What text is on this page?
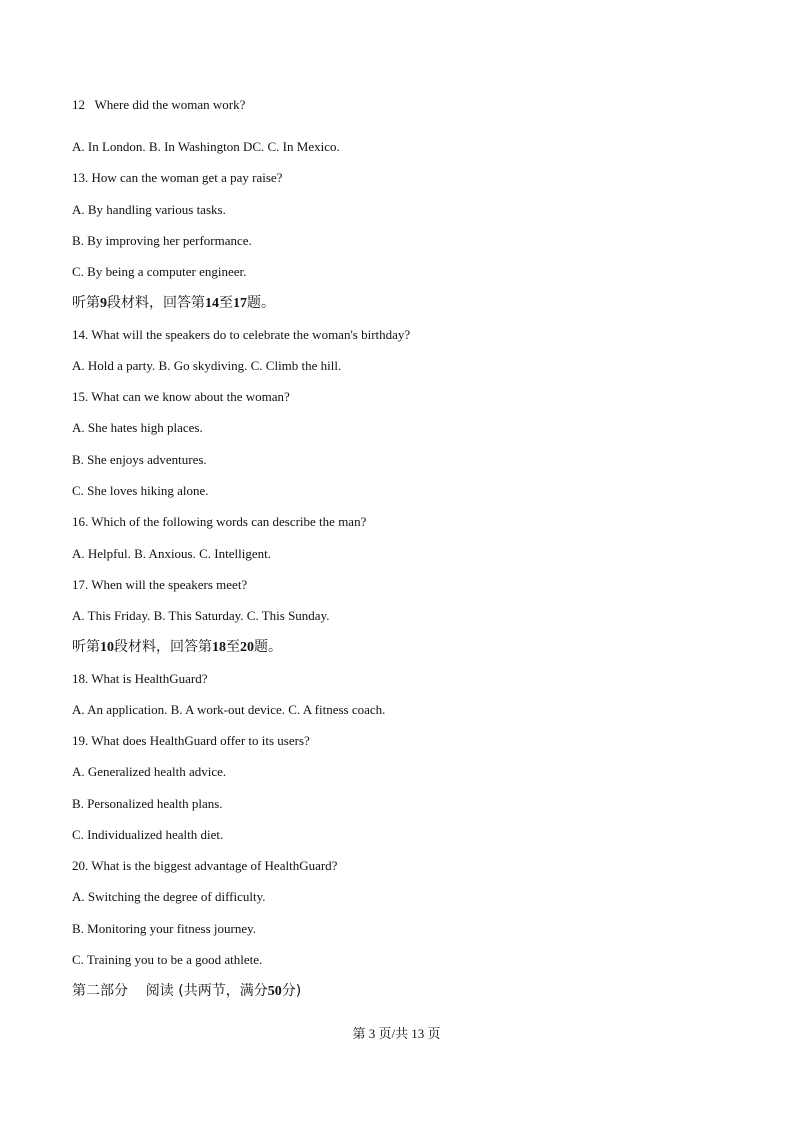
12   Where did the woman work?
A. In London. B. In Washington DC. C. In Mexico.
13. How can the woman get a pay raise?
A. By handling various tasks.
B. By improving her performance.
C. By being a computer engineer.
听第9段材料，回答第14至17题。
14. What will the speakers do to celebrate the woman's birthday?
A. Hold a party. B. Go skydiving. C. Climb the hill.
15. What can we know about the woman?
A. She hates high places.
B. She enjoys adventures.
C. She loves hiking alone.
16. Which of the following words can describe the man?
A. Helpful. B. Anxious. C. Intelligent.
17. When will the speakers meet?
A. This Friday. B. This Saturday. C. This Sunday.
听第10段材料，回答第18至20题。
18. What is HealthGuard?
A. An application. B. A work-out device. C. A fitness coach.
19. What does HealthGuard offer to its users?
A. Generalized health advice.
B. Personalized health plans.
C. Individualized health diet.
20. What is the biggest advantage of HealthGuard?
A. Switching the degree of difficulty.
B. Monitoring your fitness journey.
C. Training you to be a good athlete.
第二部分    阅读 (共两节，满分50分)
第 3 页/共 13 页
